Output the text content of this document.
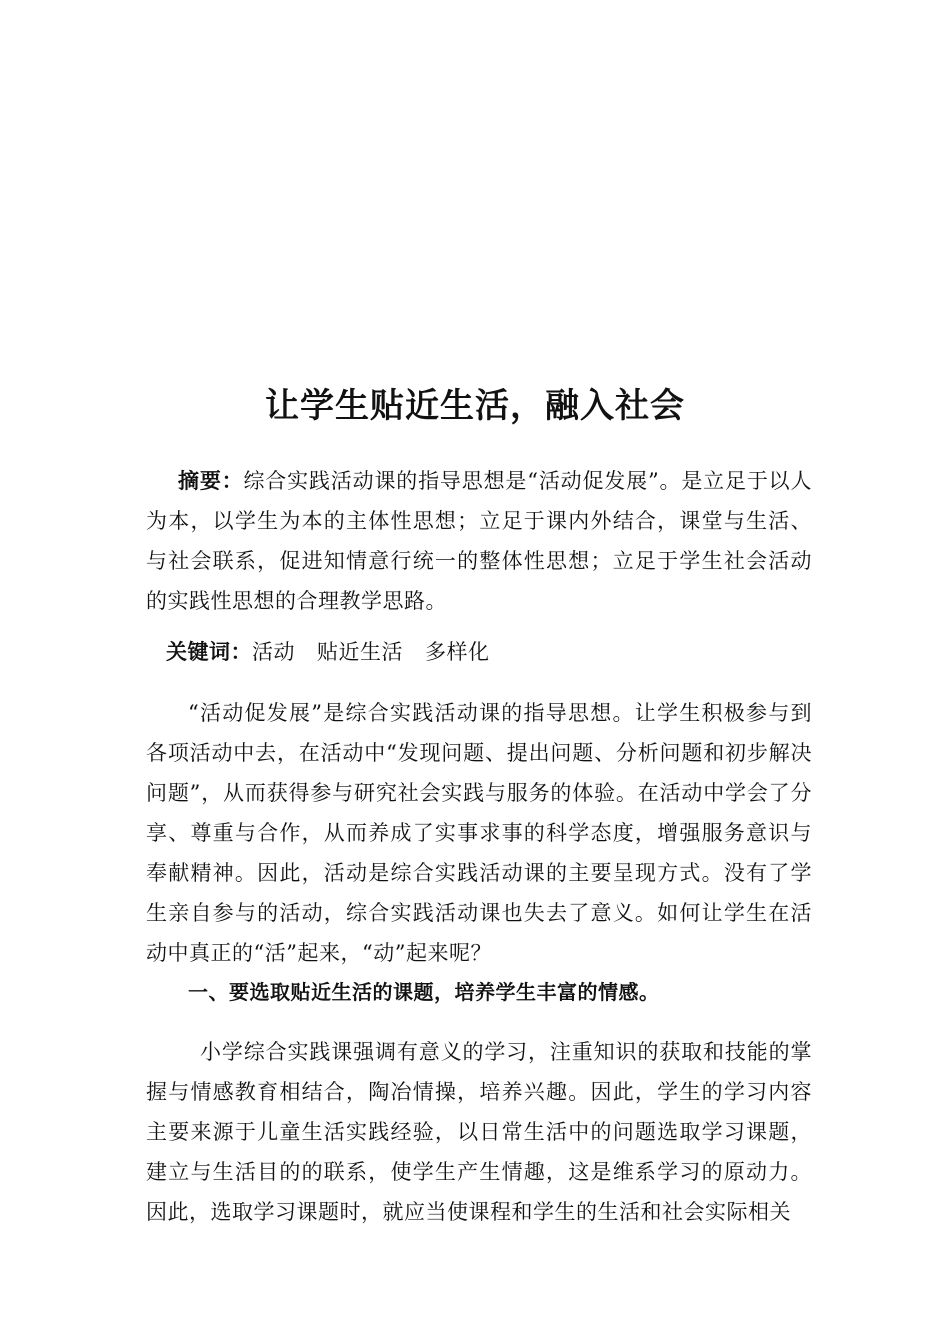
让学生贴近生活，融入社会

摘要：综合实践活动课的指导思想是“活动促发展”。是立足于以人为本，以学生为本的主体性思想；立足于课内外结合，课堂与生活、与社会联系，促进知情意行统一的整体性思想；立足于学生社会活动的实践性思想的合理教学思路。

关键词：活动 贴近生活 多样化

“活动促发展”是综合实践活动课的指导思想。让学生积极参与到各项活动中去，在活动中“发现问题、提出问题、分析问题和初步解决问题”，从而获得参与研究社会实践与服务的体验。在活动中学会了分享、尊重与合作，从而养成了实事求事的科学态度，增强服务意识与奉献精神。因此，活动是综合实践活动课的主要呈现方式。没有了学生亲自参与的活动，综合实践活动课也失去了意义。如何让学生在活动中真正的“活”起来，“动”起来呢？

一、要选取贴近生活的课题，培养学生丰富的情感。

小学综合实践课强调有意义的学习，注重知识的获取和技能的掌握与情感教育相结合，陶冶情操，培养兴趣。因此，学生的学习内容主要来源于儿童生活实践经验，以日常生活中的问题选取学习课题，建立与生活目的的联系，使学生产生情趣，这是维系学习的原动力。因此，选取学习课题时，就应当使课程和学生的生活和社会实际相关
